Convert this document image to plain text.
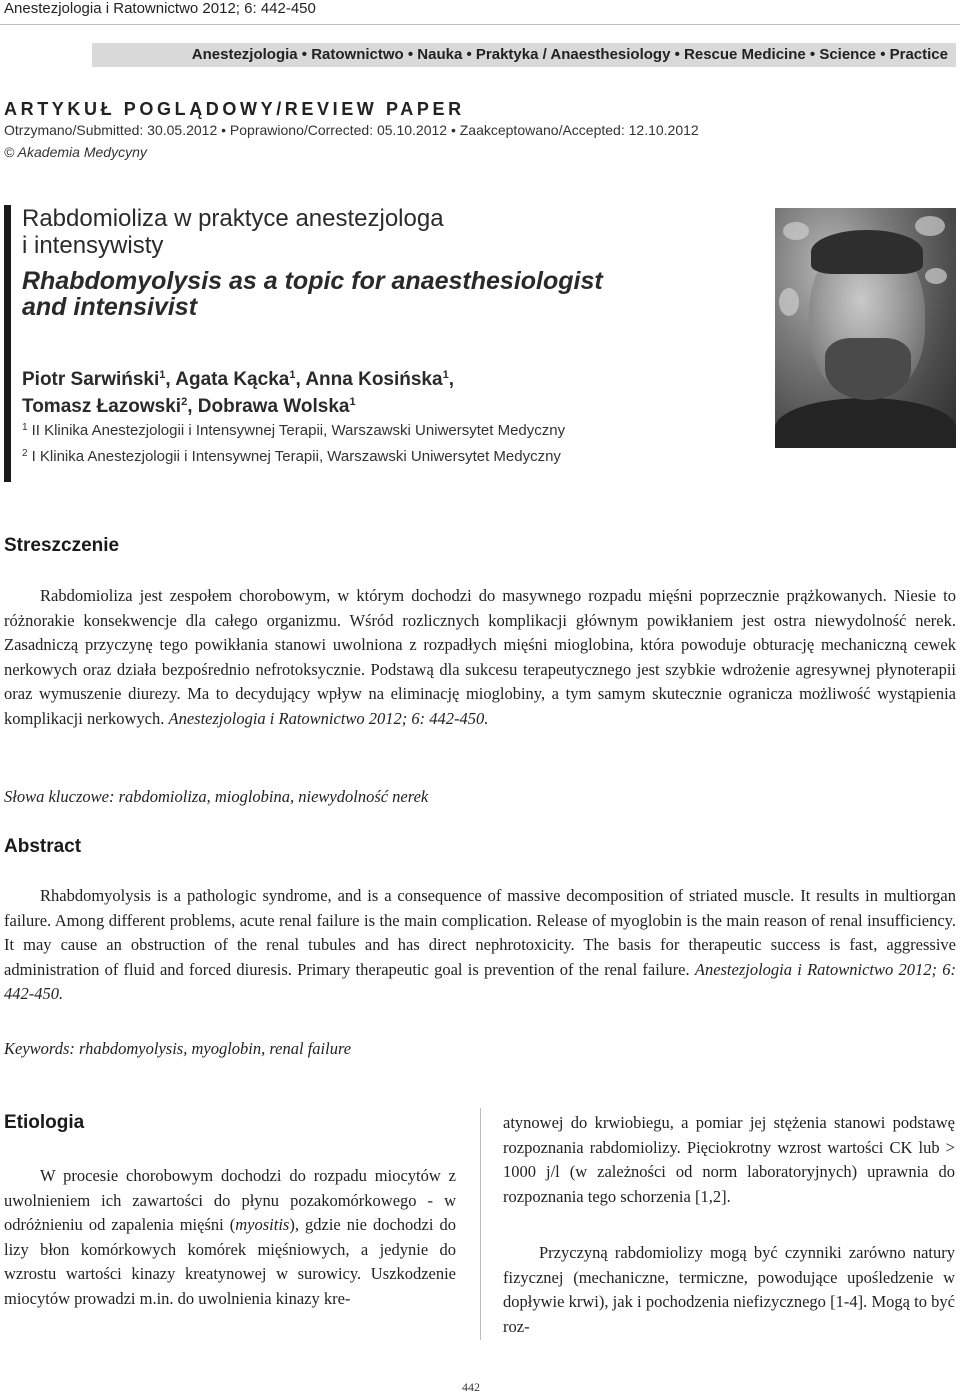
Anestezjologia i Ratownictwo 2012; 6: 442-450
Anestezjologia • Ratownictwo • Nauka • Praktyka / Anaesthesiology • Rescue Medicine • Science • Practice
ARTYKUŁ POGLĄDOWY/REVIEW PAPER
Otrzymano/Submitted: 30.05.2012 • Poprawiono/Corrected: 05.10.2012 • Zaakceptowano/Accepted: 12.10.2012
© Akademia Medycyny
Rabdomioliza w praktyce anestezjologa
i intensywisty
Rhabdomyolysis as a topic for anaesthesiologist
and intensivist
Piotr Sarwiński$^1$, Agata Kącka$^1$, Anna Kosińska$^1$,
Tomasz Łazowski$^2$, Dobrawa Wolska$^1$
$^1$ II Klinika Anestezjologii i Intensywnej Terapii, Warszawski Uniwersytet Medyczny
$^2$ I Klinika Anestezjologii i Intensywnej Terapii, Warszawski Uniwersytet Medyczny
Streszczenie
Rabdomioliza jest zespołem chorobowym, w którym dochodzi do masywnego rozpadu mięśni poprzecznie prążkowanych. Niesie to różnorakie konsekwencje dla całego organizmu. Wśród rozlicznych komplikacji głównym powikłaniem jest ostra niewydolność nerek. Zasadniczą przyczynę tego powikłania stanowi uwolniona z rozpadłych mięśni mioglobina, która powoduje obturację mechaniczną cewek nerkowych oraz działa bezpośrednio nefrotoksycznie. Podstawą dla sukcesu terapeutycznego jest szybkie wdrożenie agresywnej płynoterapii oraz wymuszenie diurezy. Ma to decydujący wpływ na eliminację mioglobiny, a tym samym skutecznie ogranicza możliwość wystąpienia komplikacji nerkowych. Anestezjologia i Ratownictwo 2012; 6: 442-450.
Słowa kluczowe: rabdomioliza, mioglobina, niewydolność nerek
Abstract
Rhabdomyolysis is a pathologic syndrome, and is a consequence of massive decomposition of striated muscle. It results in multiorgan failure. Among different problems, acute renal failure is the main complication. Release of myoglobin is the main reason of renal insufficiency. It may cause an obstruction of the renal tubules and has direct nephrotoxicity. The basis for therapeutic success is fast, aggressive administration of fluid and forced diuresis. Primary therapeutic goal is prevention of the renal failure. Anestezjologia i Ratownictwo 2012; 6: 442-450.
Keywords: rhabdomyolysis, myoglobin, renal failure
Etiologia
W procesie chorobowym dochodzi do rozpadu miocytów z uwolnieniem ich zawartości do płynu pozakomórkowego - w odróżnieniu od zapalenia mięśni (myositis), gdzie nie dochodzi do lizy błon komórkowych komórek mięśniowych, a jedynie do wzrostu wartości kinazy kreatynowej w surowicy. Uszkodzenie miocytów prowadzi m.in. do uwolnienia kinazy kre-
atynowej do krwiobiegu, a pomiar jej stężenia stanowi podstawę rozpoznania rabdomiolizy. Pięciokrotny wzrost wartości CK lub > 1000 j/l (w zależności od norm laboratoryjnych) uprawnia do rozpoznania tego schorzenia [1,2].
Przyczyną rabdomiolizy mogą być czynniki zarówno natury fizycznej (mechaniczne, termiczne, powodujące upośledzenie w dopływie krwi), jak i pochodzenia niefizycznego [1-4]. Mogą to być roz-
442
